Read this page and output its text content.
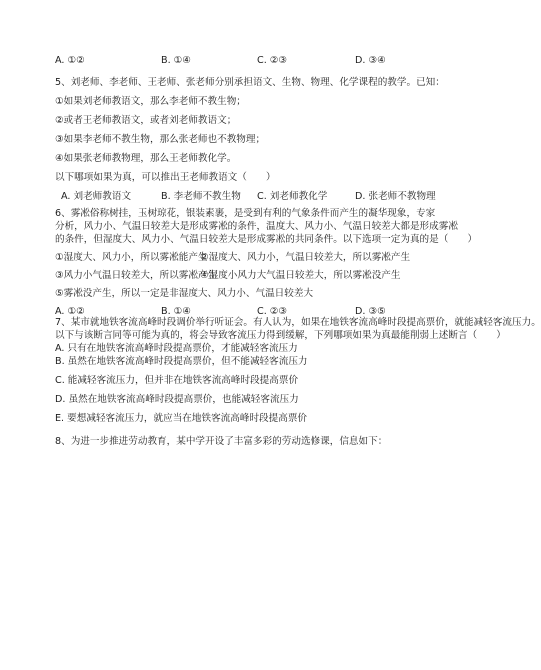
A. ①②	B. ①④	C. ②③	D. ③④
5、刘老师、李老师、王老师、张老师分别承担语文、生物、物理、化学课程的教学。已知：
①如果刘老师教语文，那么李老师不教生物；
②或者王老师教语文，或者刘老师教语文；
③如果李老师不教生物，那么张老师也不教物理；
④如果张老师教物理，那么王老师教化学。
以下哪项如果为真，可以推出王老师教语文（　　）
A. 刘老师教语文	B. 李老师不教生物 C. 刘老师教化学	D. 张老师不教物理
6、雾凇俗称树挂，玉树琼花，银装素裹，是受到有利的气象条件而产生的凝华现象，专家
分析，风力小、气温日较差大是形成雾凇的条件，温度大、风力小、气温日较差大都是形成雾凇
的条件，但湿度大、风力小、气温日较差大是形成雾凇的共同条件。以下选项一定为真的是（　　）
①湿度大、风力小，所以雾凇能产生
②湿度大、风力小，气温日较差大，所以雾凇产生
③风力小气温日较差大，所以雾凇产生
④湿度小风力大气温日较差大，所以雾凇没产生
⑤雾凇没产生，所以一定是非湿度大、风力小、气温日较差大
A. ①②	B. ①④	C. ②③	D. ③⑤
7、某市就地铁客流高峰时段调价举行听证会。有人认为，如果在地铁客流高峰时段提高票价，就能减轻客流压力。
以下与该断言同等可能为真的，将会导致客流压力得到缓解，下列哪项如果为真最能削弱上述断言（　　）
A. 只有在地铁客流高峰时段提高票价，才能减轻客流压力
B. 虽然在地铁客流高峰时段提高票价，但不能减轻客流压力
C. 能减轻客流压力，但并非在地铁客流高峰时段提高票价
D. 虽然在地铁客流高峰时段提高票价，也能减轻客流压力
E. 要想减轻客流压力，就应当在地铁客流高峰时段提高票价
8、为进一步推进劳动教育，某中学开设了丰富多彩的劳动选修课，信息如下：
